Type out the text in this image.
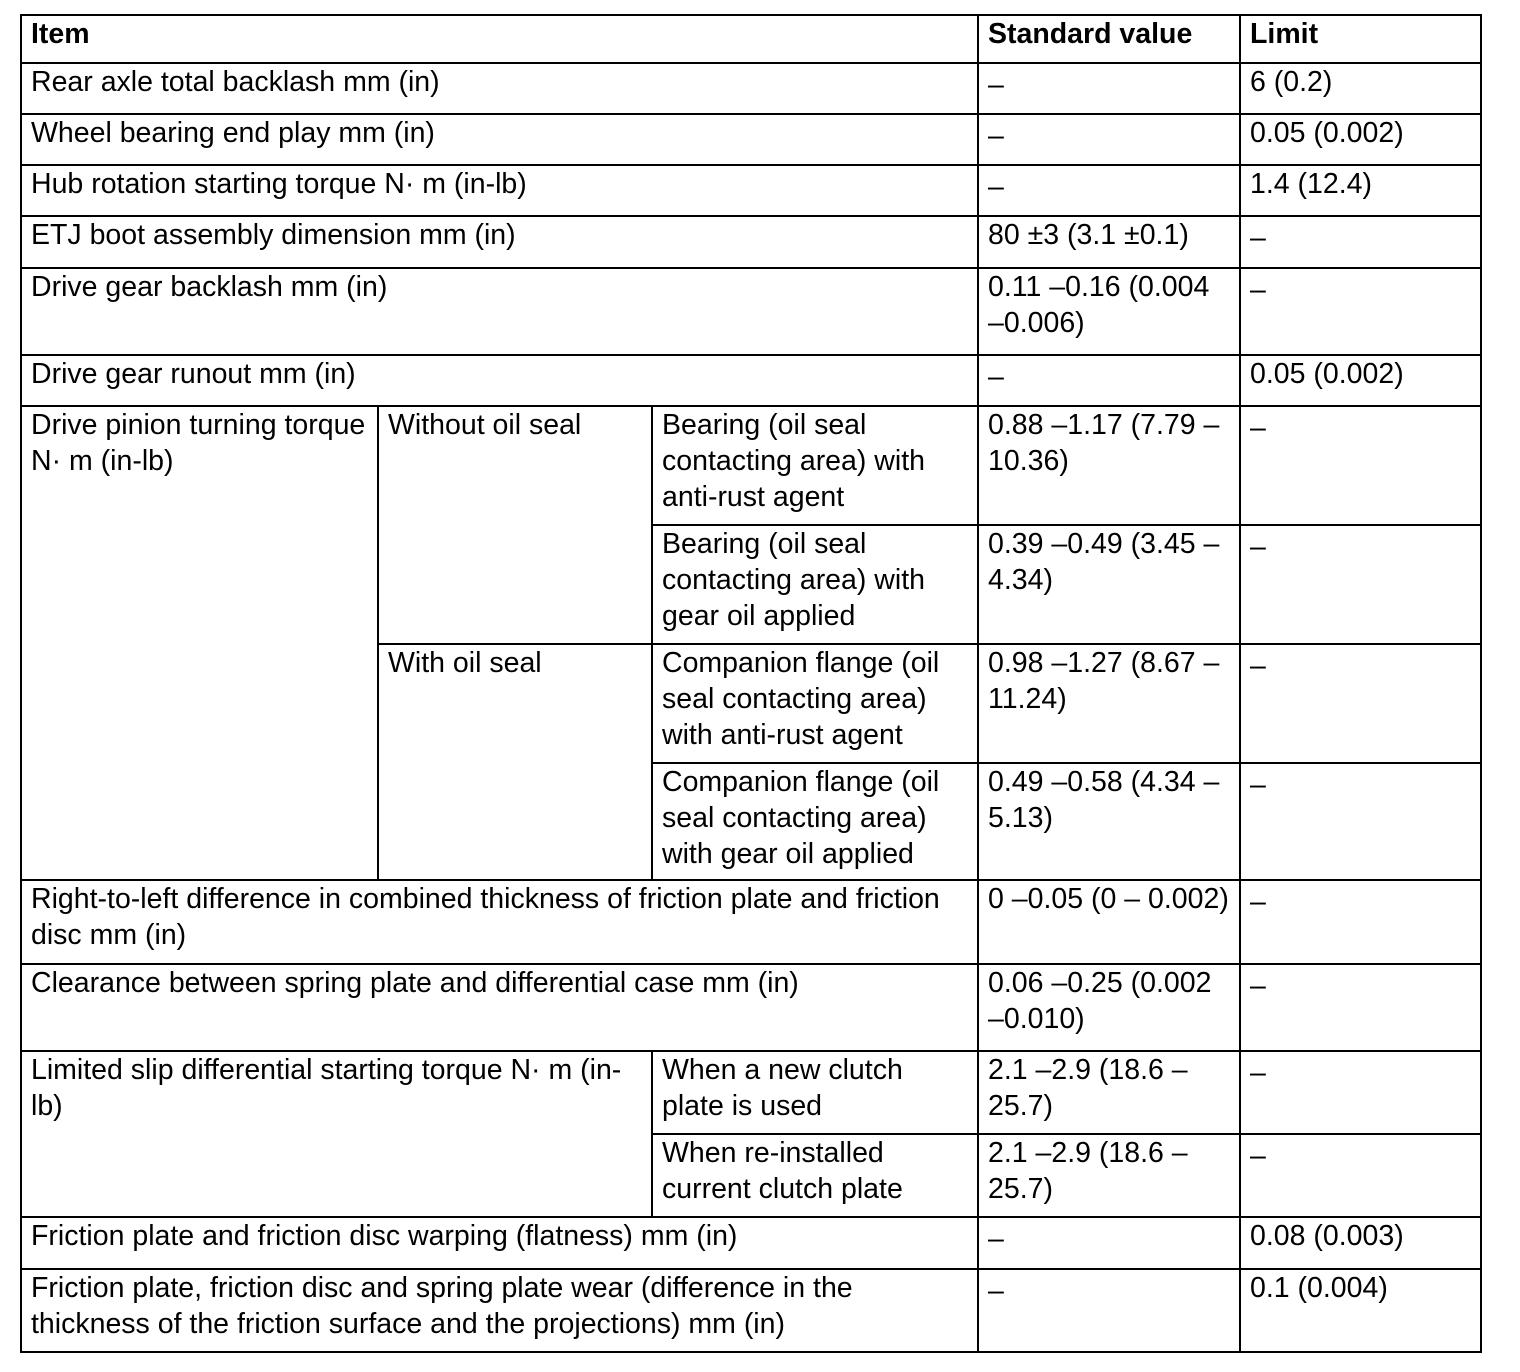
Item			Standard value	Limit
Rear axle total backlash mm (in)			–	6 (0.2)
Wheel bearing end play mm (in)			–	0.05 (0.002)
Hub rotation starting torque N· m (in-lb)			–	1.4 (12.4)
ETJ boot assembly dimension mm (in)			80 ±3 (3.1 ±0.1)	–
Drive gear backlash mm (in)			0.11 –0.16 (0.004 –0.006)	–
Drive gear runout mm (in)			–	0.05 (0.002)
Drive pinion turning torque N· m (in-lb)	Without oil seal	Bearing (oil seal contacting area) with anti-rust agent	0.88 –1.17 (7.79 – 10.36)	–
		Bearing (oil seal contacting area) with gear oil applied	0.39 –0.49 (3.45 – 4.34)	–
	With oil seal	Companion flange (oil seal contacting area) with anti-rust agent	0.98 –1.27 (8.67 – 11.24)	–
		Companion flange (oil seal contacting area) with gear oil applied	0.49 –0.58 (4.34 – 5.13)	–
Right-to-left difference in combined thickness of friction plate and friction disc mm (in)			0 –0.05 (0 – 0.002)	–
Clearance between spring plate and differential case mm (in)			0.06 –0.25 (0.002 –0.010)	–
Limited slip differential starting torque N· m (in-lb)		When a new clutch plate is used	2.1 –2.9 (18.6 – 25.7)	–
		When re-installed current clutch plate	2.1 –2.9 (18.6 – 25.7)	–
Friction plate and friction disc warping (flatness) mm (in)			–	0.08 (0.003)
Friction plate, friction disc and spring plate wear (difference in the thickness of the friction surface and the projections) mm (in)			–	0.1 (0.004)
